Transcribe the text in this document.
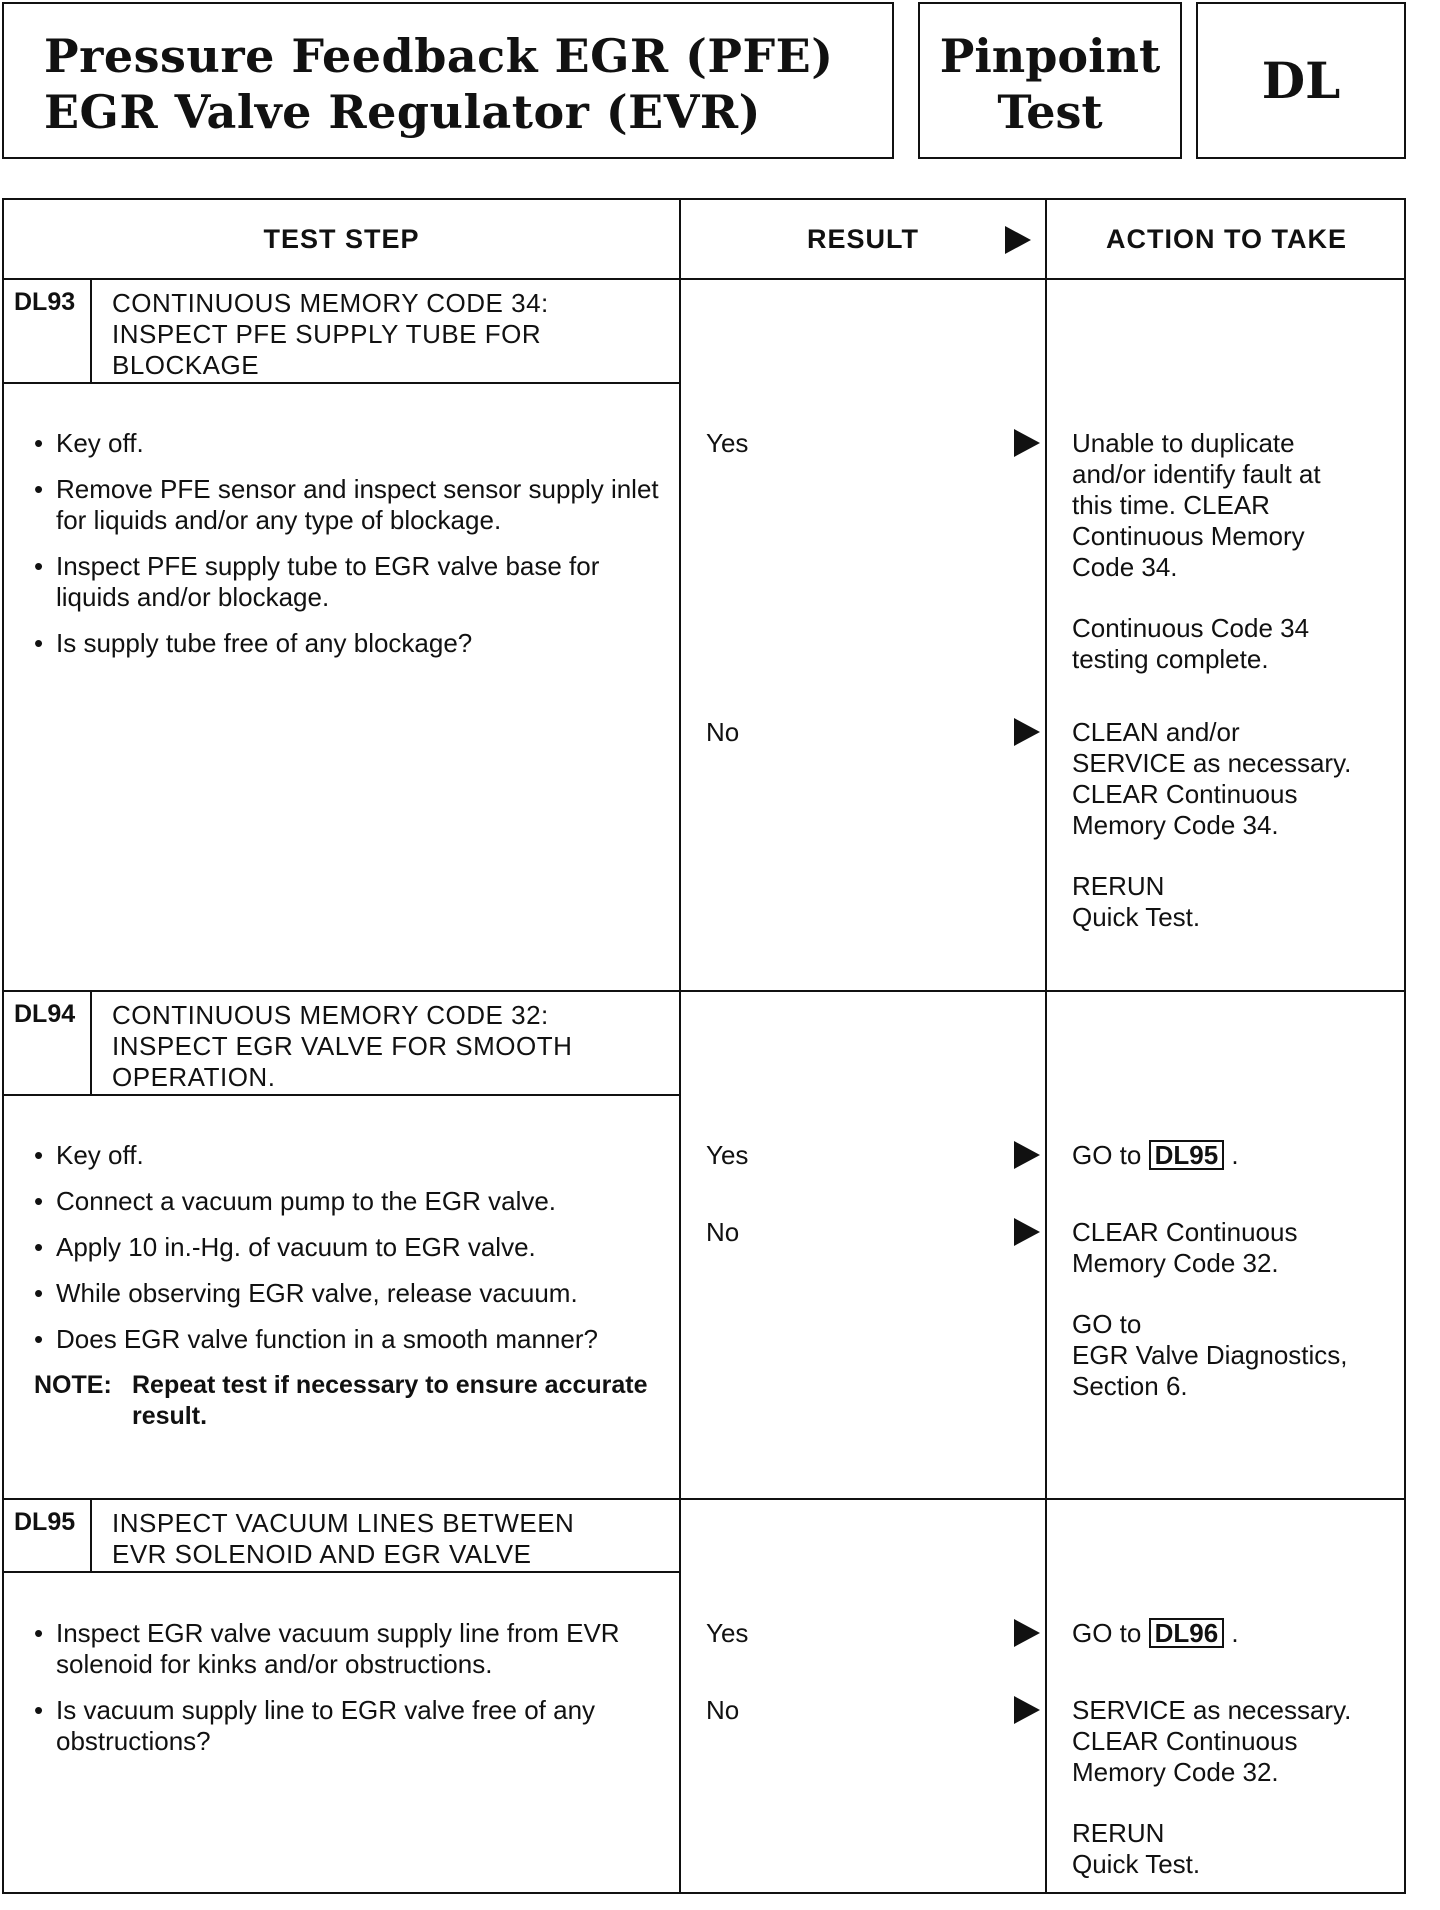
Pressure Feedback EGR (PFE)
EGR Valve Regulator (EVR)
Pinpoint
Test
DL
TEST STEP	RESULT	ACTION TO TAKE
DL93	CONTINUOUS MEMORY CODE 34:
INSPECT PFE SUPPLY TUBE FOR
BLOCKAGE
• Key off.
• Remove PFE sensor and inspect sensor supply inlet for liquids and/or any type of blockage.
• Inspect PFE supply tube to EGR valve base for liquids and/or blockage.
• Is supply tube free of any blockage?
Yes	Unable to duplicate
and/or identify fault at
this time. CLEAR
Continuous Memory
Code 34.

Continuous Code 34
testing complete.

No	CLEAN and/or
SERVICE as necessary.
CLEAR Continuous
Memory Code 34.

RERUN
Quick Test.

DL94	CONTINUOUS MEMORY CODE 32:
INSPECT EGR VALVE FOR SMOOTH
OPERATION.
• Key off.
• Connect a vacuum pump to the EGR valve.
• Apply 10 in.-Hg. of vacuum to EGR valve.
• While observing EGR valve, release vacuum.
• Does EGR valve function in a smooth manner?
NOTE: Repeat test if necessary to ensure accurate result.
Yes	GO to DL95 .

No	CLEAR Continuous
Memory Code 32.

GO to
EGR Valve Diagnostics,
Section 6.

DL95	INSPECT VACUUM LINES BETWEEN
EVR SOLENOID AND EGR VALVE
• Inspect EGR valve vacuum supply line from EVR solenoid for kinks and/or obstructions.
• Is vacuum supply line to EGR valve free of any obstructions?
Yes	GO to DL96 .

No	SERVICE as necessary.
CLEAR Continuous
Memory Code 32.

RERUN
Quick Test.
